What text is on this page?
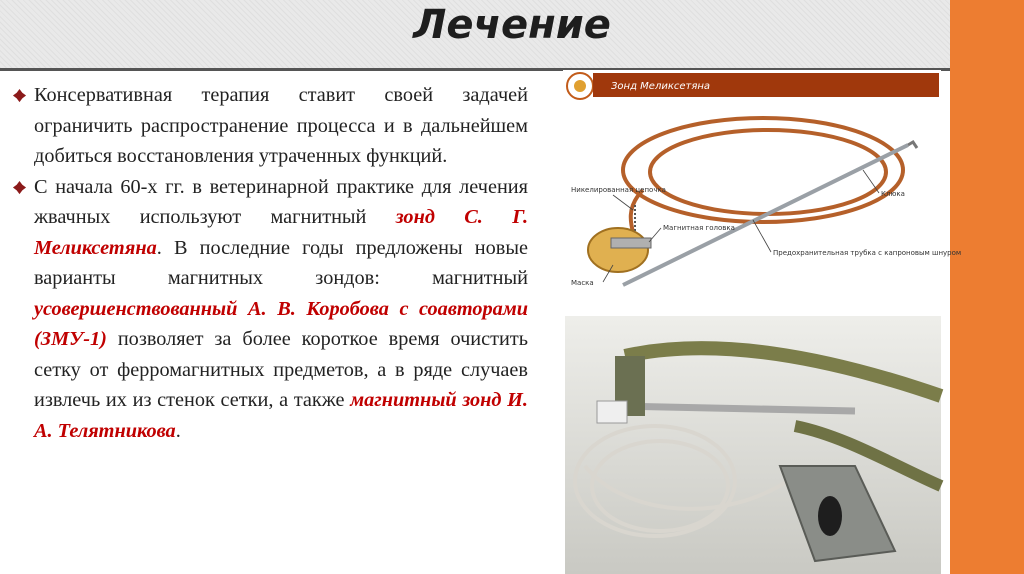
Лечение

Консервативная терапия ставит своей задачей ограничить распространение процесса и в дальнейшем добиться восстановления утраченных функций.

С начала 60-х гг. в ветеринарной практике для лечения жвачных используют магнитный зонд С. Г. Меликсетяна. В последние годы предложены новые варианты магнитных зондов: магнитный усовершенствованный А. В. Коробова с соавторами (ЗМУ-1) позволяет за более короткое время очистить сетку от ферромагнитных предметов, а в ряде случаев извлечь их из стенок сетки, а также магнитный зонд И. А. Телятникова.

Зонд Меликсетяна
Никелированная цепочка
Магнитная головка
Клюка
Предохранительная трубка с капроновым шнуром
Маска
